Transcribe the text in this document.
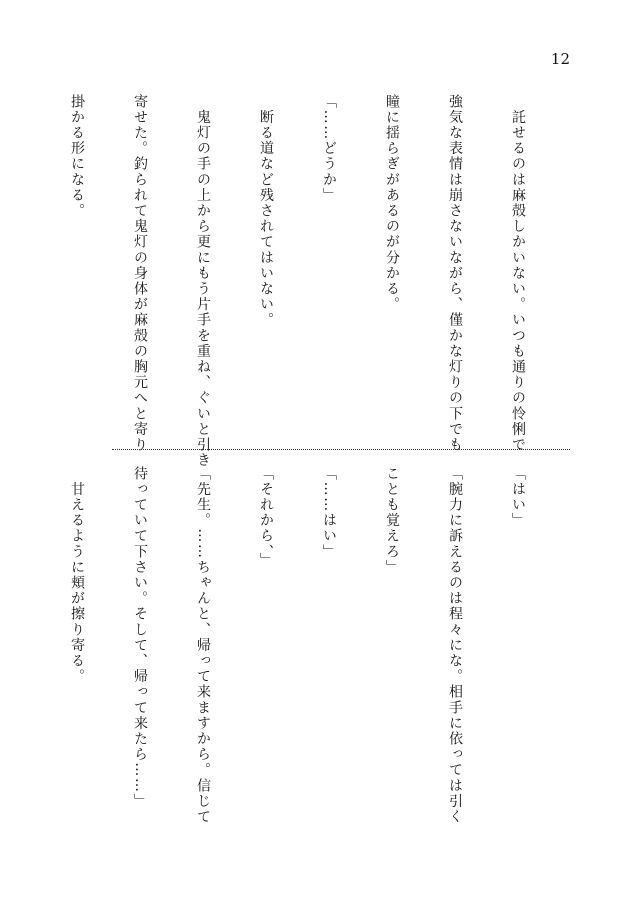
12

　託せるのは麻殻しかいない。いつも通りの怜悧で

強気な表情は崩さないながら、僅かな灯りの下でも

瞳に揺らぎがあるのが分かる。

「……どうか」

　断る道など残されてはいない。

　鬼灯の手の上から更にもう片手を重ね、ぐいと引き

寄せた。釣られて鬼灯の身体が麻殻の胸元へと寄り

掛かる形になる。

「はい」

「腕力に訴えるのは程々にな。相手に依っては引く

ことも覚えろ」

「……はい」

「それから、」

「先生。……ちゃんと、帰って来ますから。信じて

待っていて下さい。そして、帰って来たら……」

　甘えるように頬が擦り寄る。
